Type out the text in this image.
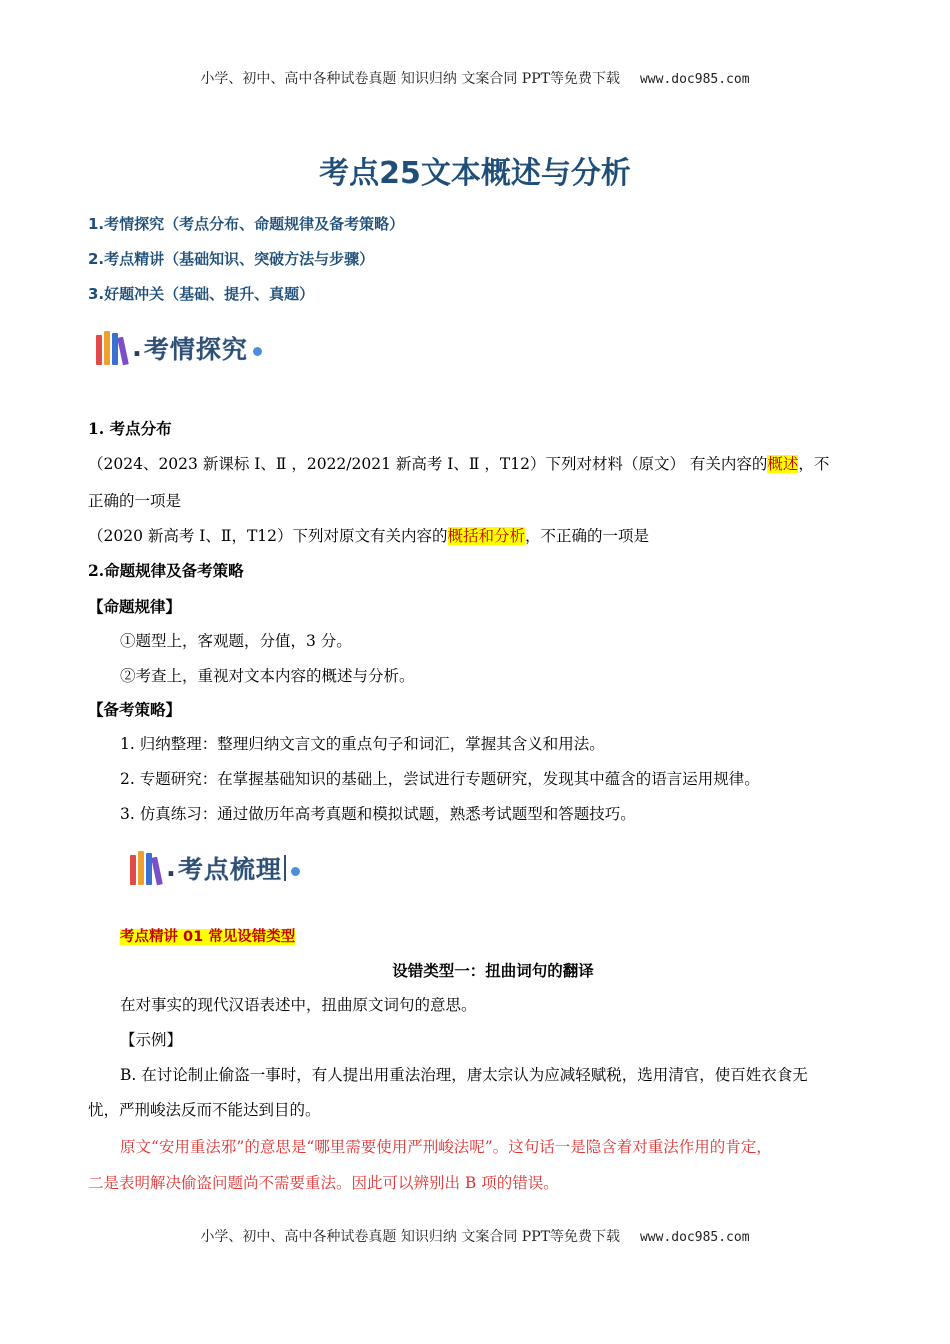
小学、初中、高中各种试卷真题 知识归纳 文案合同 PPT等免费下载 www.doc985.com
考点25文本概述与分析
1.考情探究（考点分布、命题规律及备考策略）
2.考点精讲（基础知识、突破方法与步骤）
3.好题冲关（基础、提升、真题）
. 考情探究
1. 考点分布
（2024、2023 新课标 I、Ⅱ ，2022/2021 新高考 I、Ⅱ ，T12）下列对材料（原文） 有关内容的概述，不
正确的一项是
（2020 新高考 I、Ⅱ，T12）下列对原文有关内容的概括和分析，不正确的一项是
2.命题规律及备考策略
【命题规律】
①题型上，客观题，分值，3 分。
②考查上，重视对文本内容的概述与分析。
【备考策略】
1. 归纳整理：整理归纳文言文的重点句子和词汇，掌握其含义和用法。
2. 专题研究：在掌握基础知识的基础上，尝试进行专题研究，发现其中蕴含的语言运用规律。
3. 仿真练习：通过做历年高考真题和模拟试题，熟悉考试题型和答题技巧。
. 考点梳理
考点精讲 01 常见设错类型
设错类型一：扭曲词句的翻译
在对事实的现代汉语表述中，扭曲原文词句的意思。
【示例】
B. 在讨论制止偷盗一事时，有人提出用重法治理，唐太宗认为应减轻赋税，选用清官，使百姓衣食无
忧，严刑峻法反而不能达到目的。
原文“安用重法邪”的意思是“哪里需要使用严刑峻法呢”。这句话一是隐含着对重法作用的肯定，
二是表明解决偷盗问题尚不需要重法。因此可以辨别出 B 项的错误。
小学、初中、高中各种试卷真题 知识归纳 文案合同 PPT等免费下载 www.doc985.com
